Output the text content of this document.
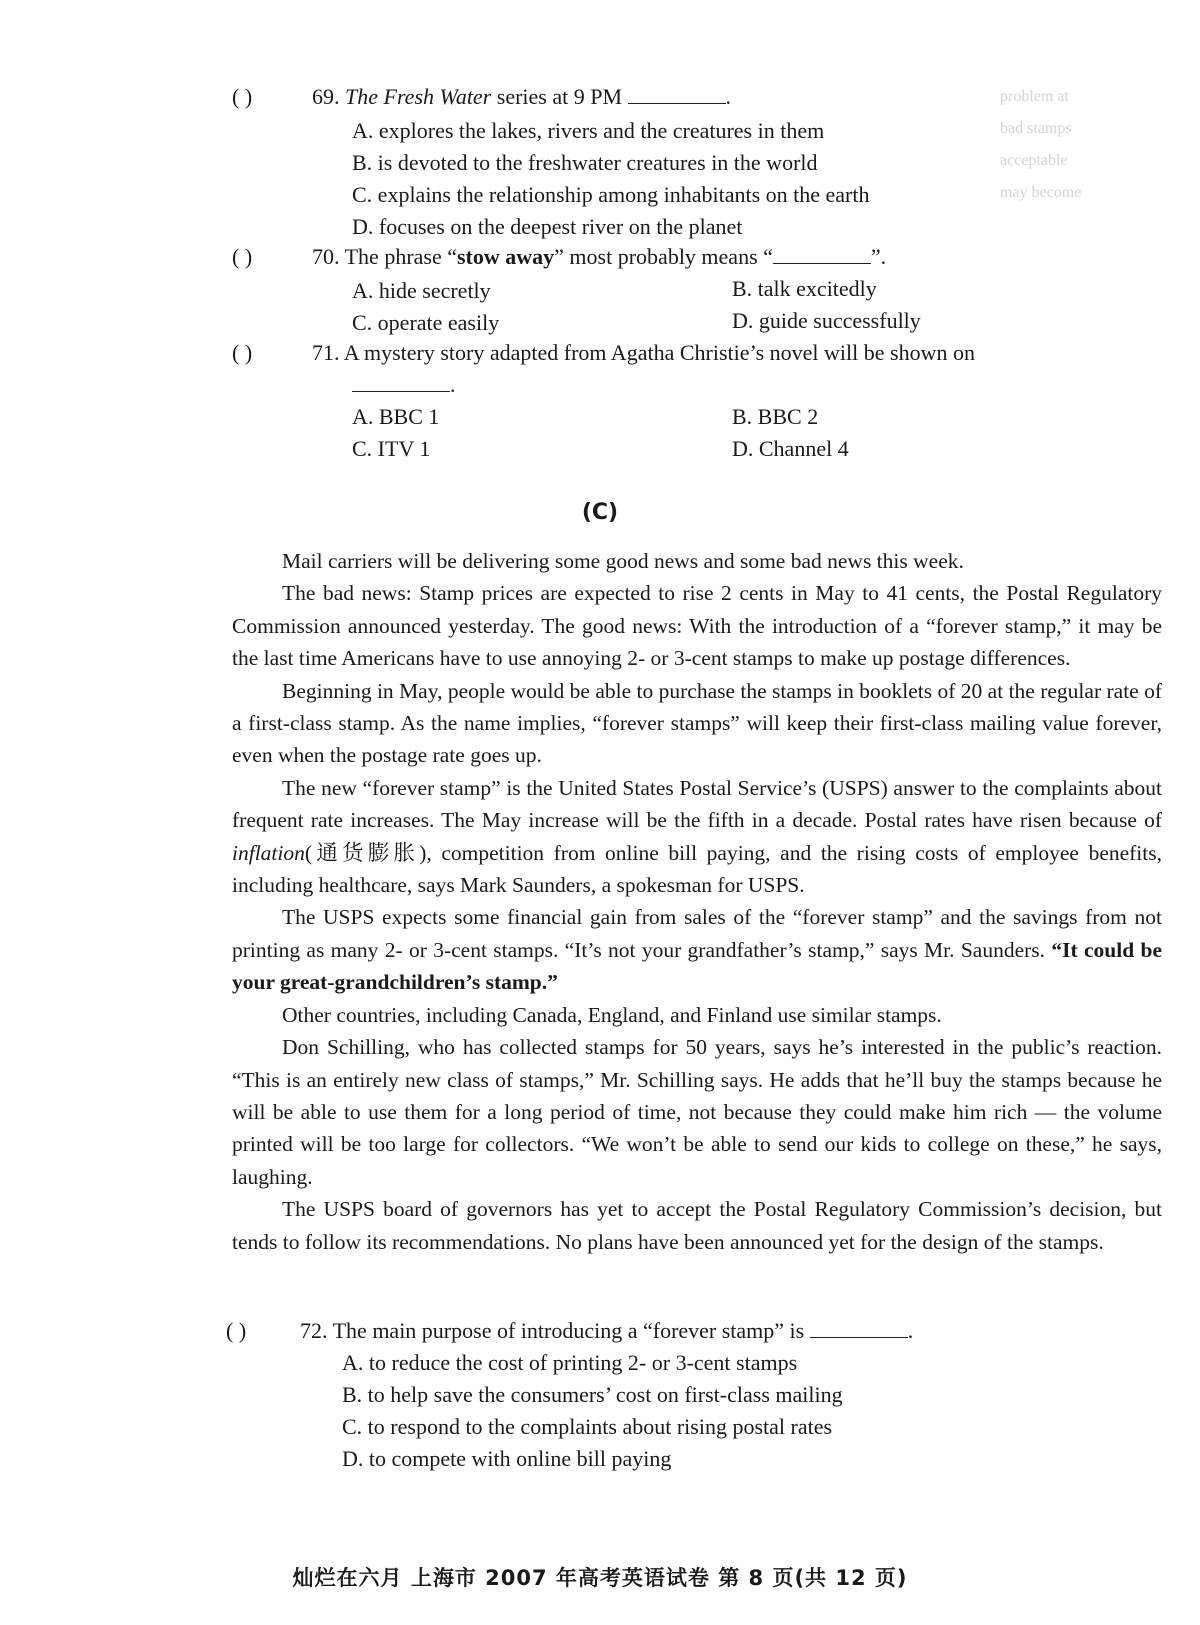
problem at
bad stamps
acceptable
may become
( )	69. The Fresh Water series at 9 PM	.
A. explores the lakes, rivers and the creatures in them
B. is devoted to the freshwater creatures in the world
C. explains the relationship among inhabitants on the earth
D. focuses on the deepest river on the planet
( )	70. The phrase “stow away” most probably means “	”.
A. hide secretly	B. talk excitedly
C. operate easily	D. guide successfully
( )	71. A mystery story adapted from Agatha Christie’s novel will be shown on
.
A. BBC 1	B. BBC 2
C. ITV 1	D. Channel 4
(C)

Mail carriers will be delivering some good news and some bad news this week.

The bad news: Stamp prices are expected to rise 2 cents in May to 41 cents, the Postal Regulatory Commission announced yesterday. The good news: With the introduction of a “forever stamp,” it may be the last time Americans have to use annoying 2- or 3-cent stamps to make up postage differences.

Beginning in May, people would be able to purchase the stamps in booklets of 20 at the regular rate of a first-class stamp. As the name implies, “forever stamps” will keep their first-class mailing value forever, even when the postage rate goes up.

The new “forever stamp” is the United States Postal Service’s (USPS) answer to the complaints about frequent rate increases. The May increase will be the fifth in a decade. Postal rates have risen because of inflation(通货膨胀), competition from online bill paying, and the rising costs of employee benefits, including healthcare, says Mark Saunders, a spokesman for USPS.

The USPS expects some financial gain from sales of the “forever stamp” and the savings from not printing as many 2- or 3-cent stamps. “It’s not your grandfather’s stamp,” says Mr. Saunders. “It could be your great-grandchildren’s stamp.”

Other countries, including Canada, England, and Finland use similar stamps.

Don Schilling, who has collected stamps for 50 years, says he’s interested in the public’s reaction. “This is an entirely new class of stamps,” Mr. Schilling says. He adds that he’ll buy the stamps because he will be able to use them for a long period of time, not because they could make him rich — the volume printed will be too large for collectors. “We won’t be able to send our kids to college on these,” he says, laughing.

The USPS board of governors has yet to accept the Postal Regulatory Commission’s decision, but tends to follow its recommendations. No plans have been announced yet for the design of the stamps.

( ) 72. The main purpose of introducing a “forever stamp” is	.
A. to reduce the cost of printing 2- or 3-cent stamps
B. to help save the consumers’ cost on first-class mailing
C. to respond to the complaints about rising postal rates
D. to compete with online bill paying
灿烂在六月 上海市 2007 年高考英语试卷 第 8 页(共 12 页)
